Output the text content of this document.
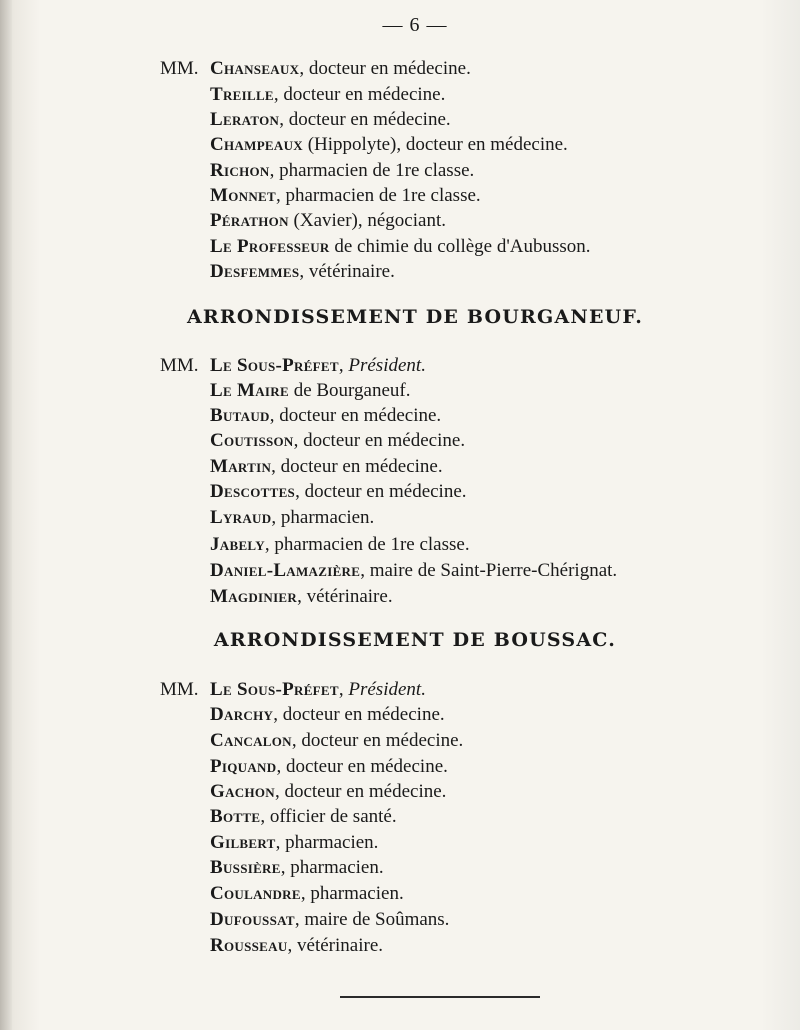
— 6 —
MM. Chanseaux, docteur en médecine.
Treille, docteur en médecine.
Leraton, docteur en médecine.
Champeaux (Hippolyte), docteur en médecine.
Richon, pharmacien de 1re classe.
Monnet, pharmacien de 1re classe.
Pérathon (Xavier), négociant.
Le Professeur de chimie du collège d'Aubusson.
Desfemmes, vétérinaire.
ARRONDISSEMENT DE BOURGANEUF.
MM. Le Sous-Préfet, Président.
Le Maire de Bourganeuf.
Butaud, docteur en médecine.
Coutisson, docteur en médecine.
Martin, docteur en médecine.
Descottes, docteur en médecine.
Lyraud, pharmacien.
Jabely, pharmacien de 1re classe.
Daniel-Lamazière, maire de Saint-Pierre-Chérignat.
Magdinier, vétérinaire.
ARRONDISSEMENT DE BOUSSAC.
MM. Le Sous-Préfet, Président.
Darchy, docteur en médecine.
Cancalon, docteur en médecine.
Piquand, docteur en médecine.
Gachon, docteur en médecine.
Botte, officier de santé.
Gilbert, pharmacien.
Bussière, pharmacien.
Coulandre, pharmacien.
Dufoussat, maire de Soûmans.
Rousseau, vétérinaire.
